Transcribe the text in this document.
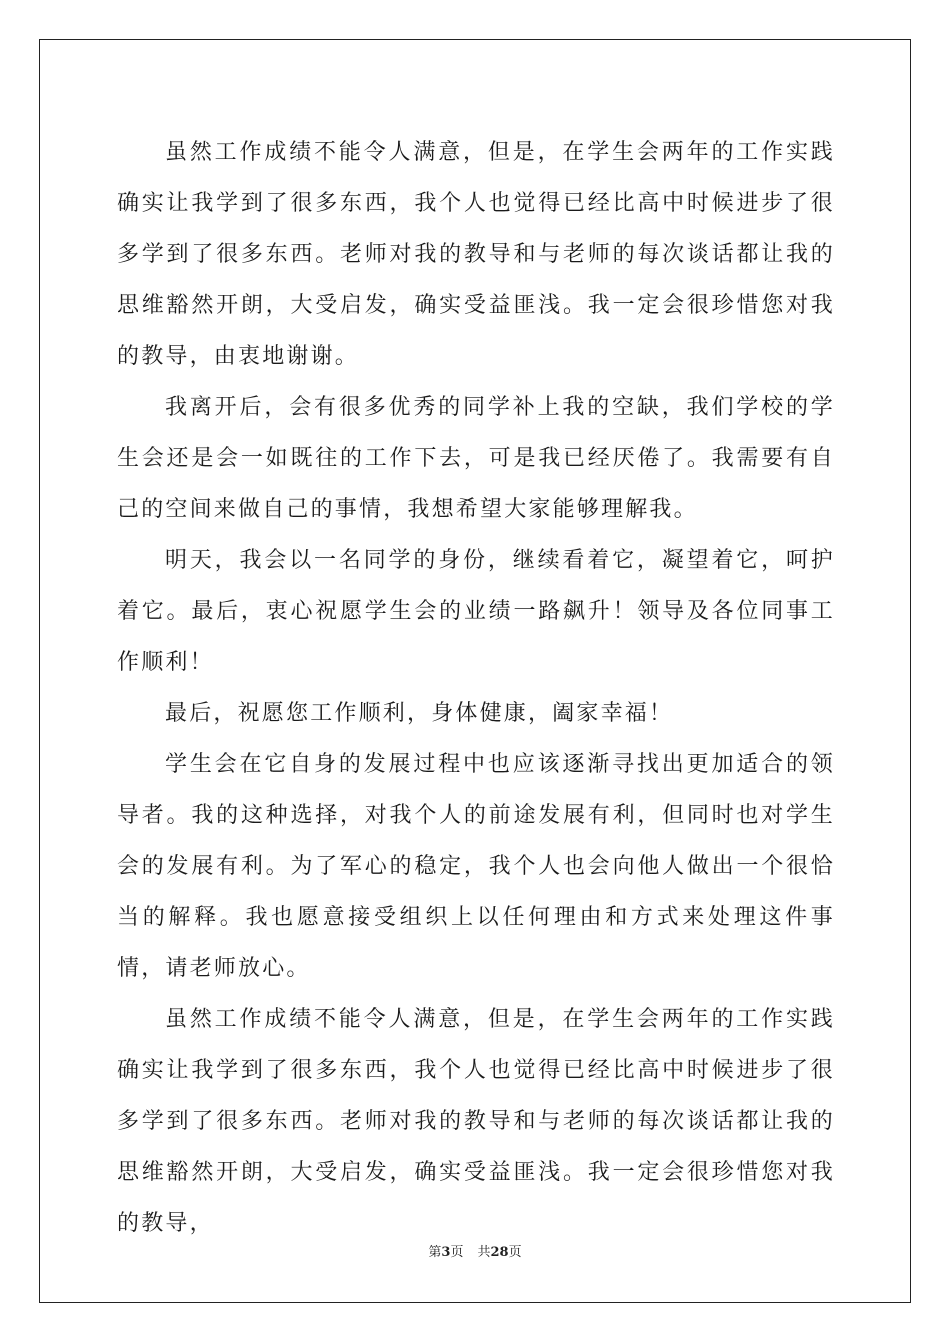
虽然工作成绩不能令人满意，但是，在学生会两年的工作实践确实让我学到了很多东西，我个人也觉得已经比高中时候进步了很多学到了很多东西。老师对我的教导和与老师的每次谈话都让我的思维豁然开朗，大受启发，确实受益匪浅。我一定会很珍惜您对我的教导，由衷地谢谢。

我离开后，会有很多优秀的同学补上我的空缺，我们学校的学生会还是会一如既往的工作下去，可是我已经厌倦了。我需要有自己的空间来做自己的事情，我想希望大家能够理解我。

明天，我会以一名同学的身份，继续看着它，凝望着它，呵护着它。最后，衷心祝愿学生会的业绩一路飙升！领导及各位同事工作顺利！

最后，祝愿您工作顺利，身体健康，阖家幸福！

学生会在它自身的发展过程中也应该逐渐寻找出更加适合的领导者。我的这种选择，对我个人的前途发展有利，但同时也对学生会的发展有利。为了军心的稳定，我个人也会向他人做出一个很恰当的解释。我也愿意接受组织上以任何理由和方式来处理这件事情，请老师放心。

虽然工作成绩不能令人满意，但是，在学生会两年的工作实践确实让我学到了很多东西，我个人也觉得已经比高中时候进步了很多学到了很多东西。老师对我的教导和与老师的每次谈话都让我的思维豁然开朗，大受启发，确实受益匪浅。我一定会很珍惜您对我的教导，

第3页 共28页
